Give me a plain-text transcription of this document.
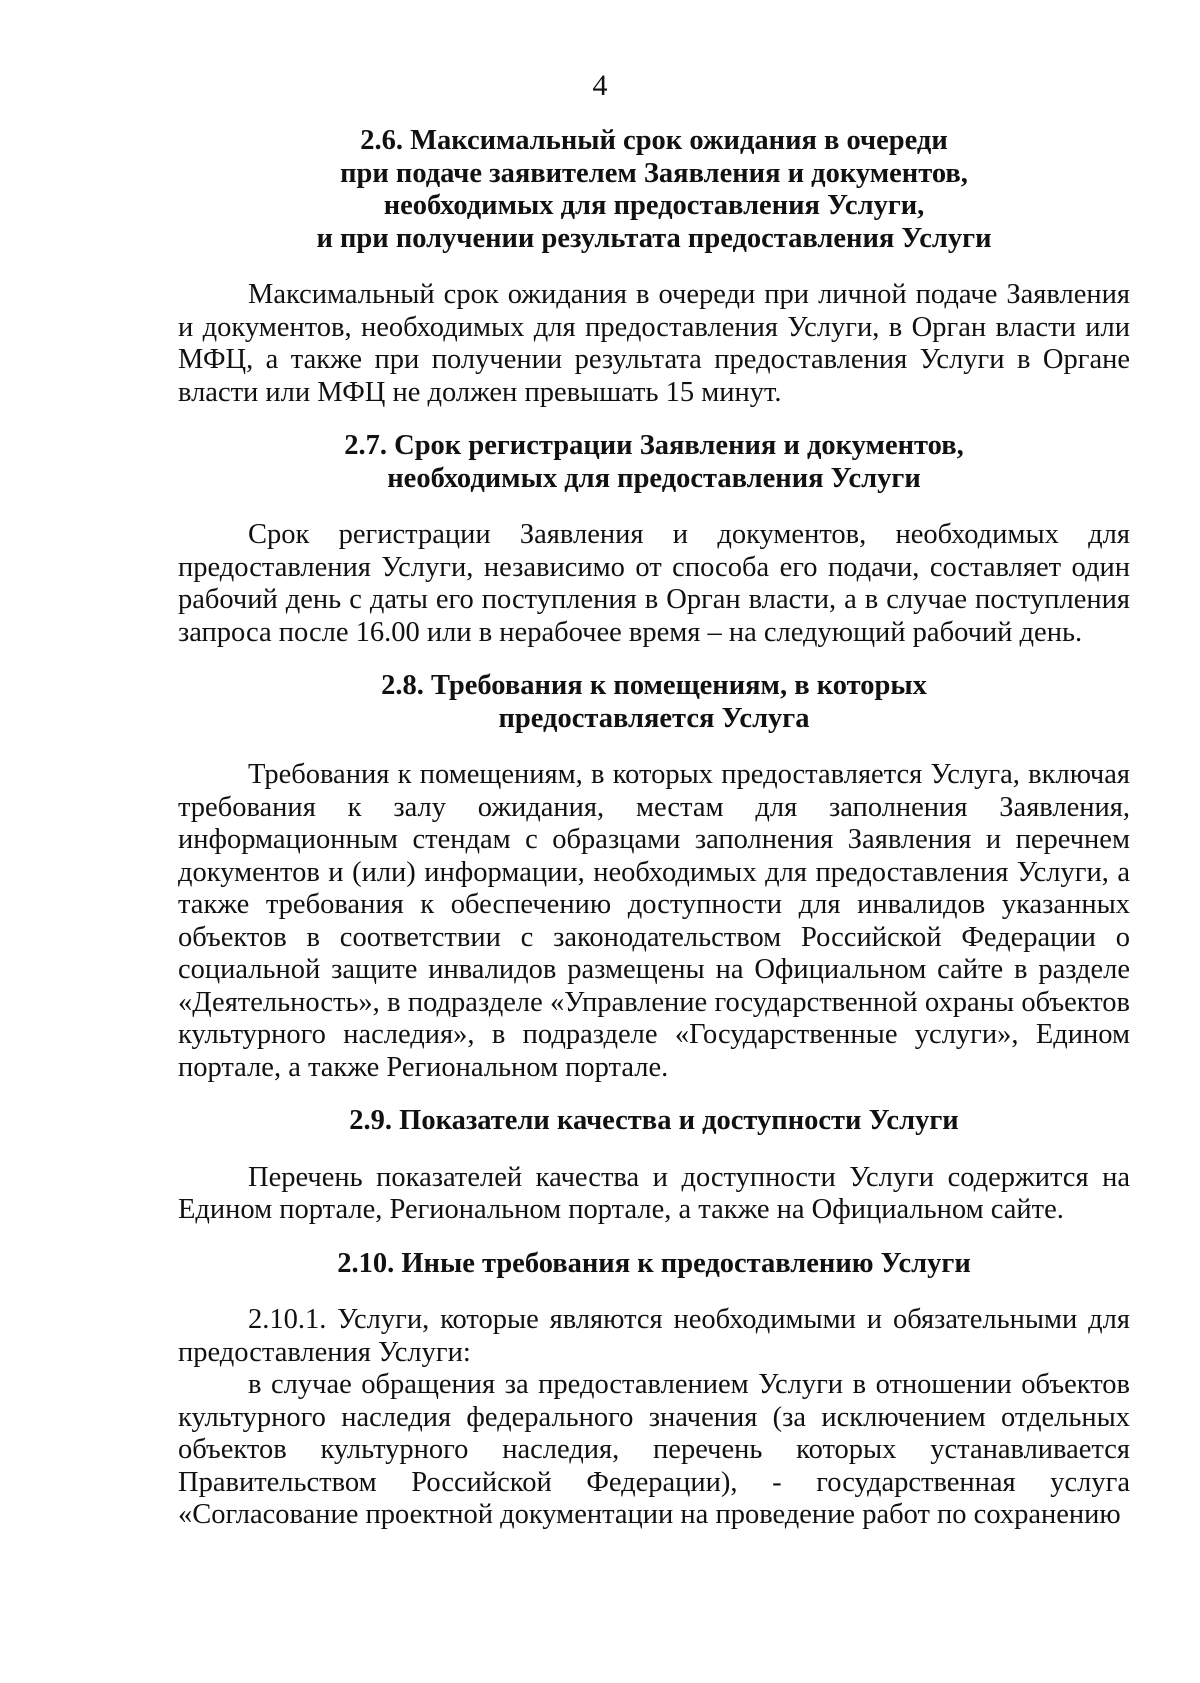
4
2.6. Максимальный срок ожидания в очереди
при подаче заявителем Заявления и документов,
необходимых для предоставления Услуги,
и при получении результата предоставления Услуги

Максимальный срок ожидания в очереди при личной подаче Заявления и документов, необходимых для предоставления Услуги, в Орган власти или МФЦ, а также при получении результата предоставления Услуги в Органе власти или МФЦ не должен превышать 15 минут.

2.7. Срок регистрации Заявления и документов,
необходимых для предоставления Услуги

Срок регистрации Заявления и документов, необходимых для предоставления Услуги, независимо от способа его подачи, составляет один рабочий день с даты его поступления в Орган власти, а в случае поступления запроса после 16.00 или в нерабочее время – на следующий рабочий день.

2.8. Требования к помещениям, в которых
предоставляется Услуга

Требования к помещениям, в которых предоставляется Услуга, включая требования к залу ожидания, местам для заполнения Заявления, информационным стендам с образцами заполнения Заявления и перечнем документов и (или) информации, необходимых для предоставления Услуги, а также требования к обеспечению доступности для инвалидов указанных объектов в соответствии с законодательством Российской Федерации о социальной защите инвалидов размещены на Официальном сайте в разделе «Деятельность», в подразделе «Управление государственной охраны объектов культурного наследия», в подразделе «Государственные услуги», Едином портале, а также Региональном портале.

2.9. Показатели качества и доступности Услуги

Перечень показателей качества и доступности Услуги содержится на Едином портале, Региональном портале, а также на Официальном сайте.

2.10. Иные требования к предоставлению Услуги

2.10.1. Услуги, которые являются необходимыми и обязательными для предоставления Услуги:

в случае обращения за предоставлением Услуги в отношении объектов культурного наследия федерального значения (за исключением отдельных объектов культурного наследия, перечень которых устанавливается Правительством Российской Федерации), - государственная услуга «Согласование проектной документации на проведение работ по сохранению
